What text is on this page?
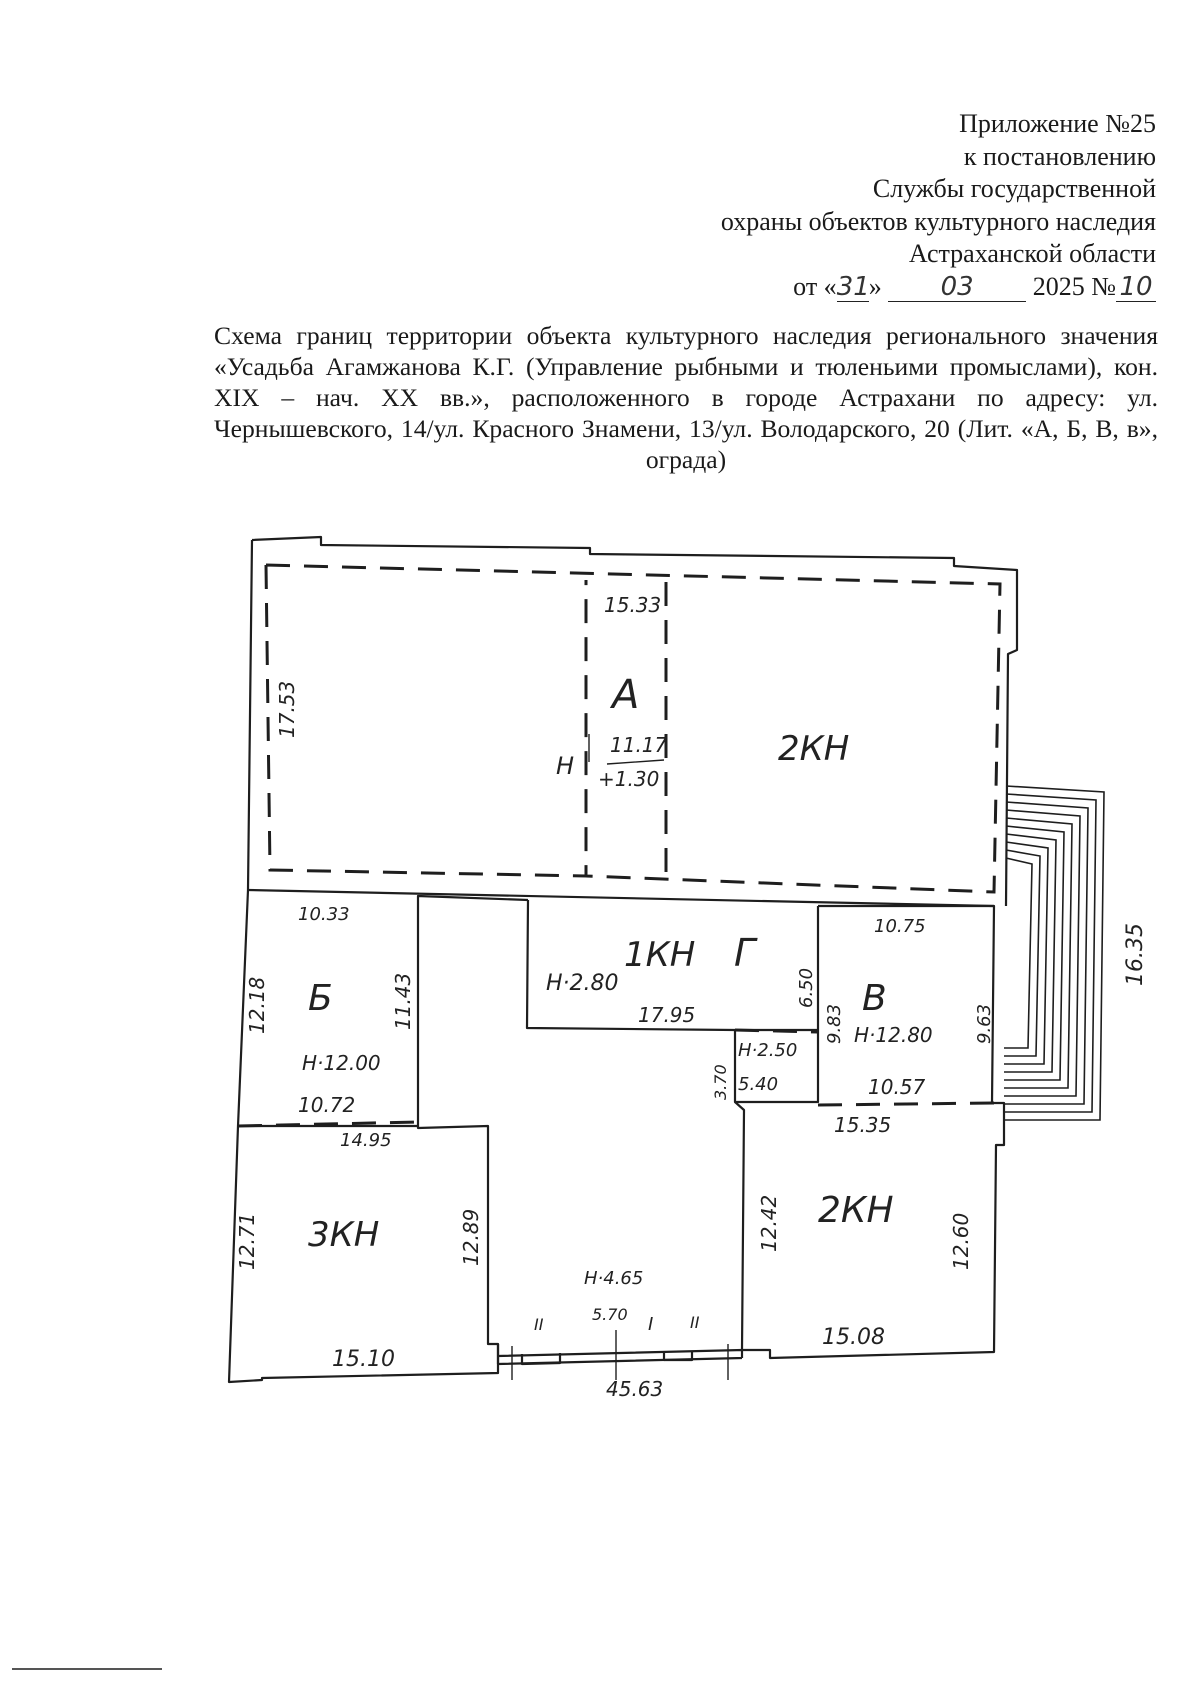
Приложение №25
к постановлению
Службы государственной
охраны объектов культурного наследия
Астраханской области
от «31» 03 2025 № 10
Схема границ территории объекта культурного наследия регионального значения «Усадьба Агамжанова К.Г. (Управление рыбными и тюленьими промыслами), кон. XIX – нач. XX вв.», расположенного в городе Астрахани по адресу: ул. Чернышевского, 14/ул. Красного Знамени, 13/ул. Володарского, 20 (Лит. «А, Б, В, в», ограда)
А
2КН
Н
11.17
+1.30
15.33
17.53
1КН Г
Н·2.80
17.95
6.50
Н·2.50
5.40
3.70
Б
10.33
12.18	11.43
Н·12.00
10.72
14.95
В
10.75
9.83	9.63
Н·12.80
10.57
15.35
16.35
3КН
12.71	12.89
15.10
2КН
12.42	12.60
15.08
Н·4.65
5.70
II	I II
45.63
